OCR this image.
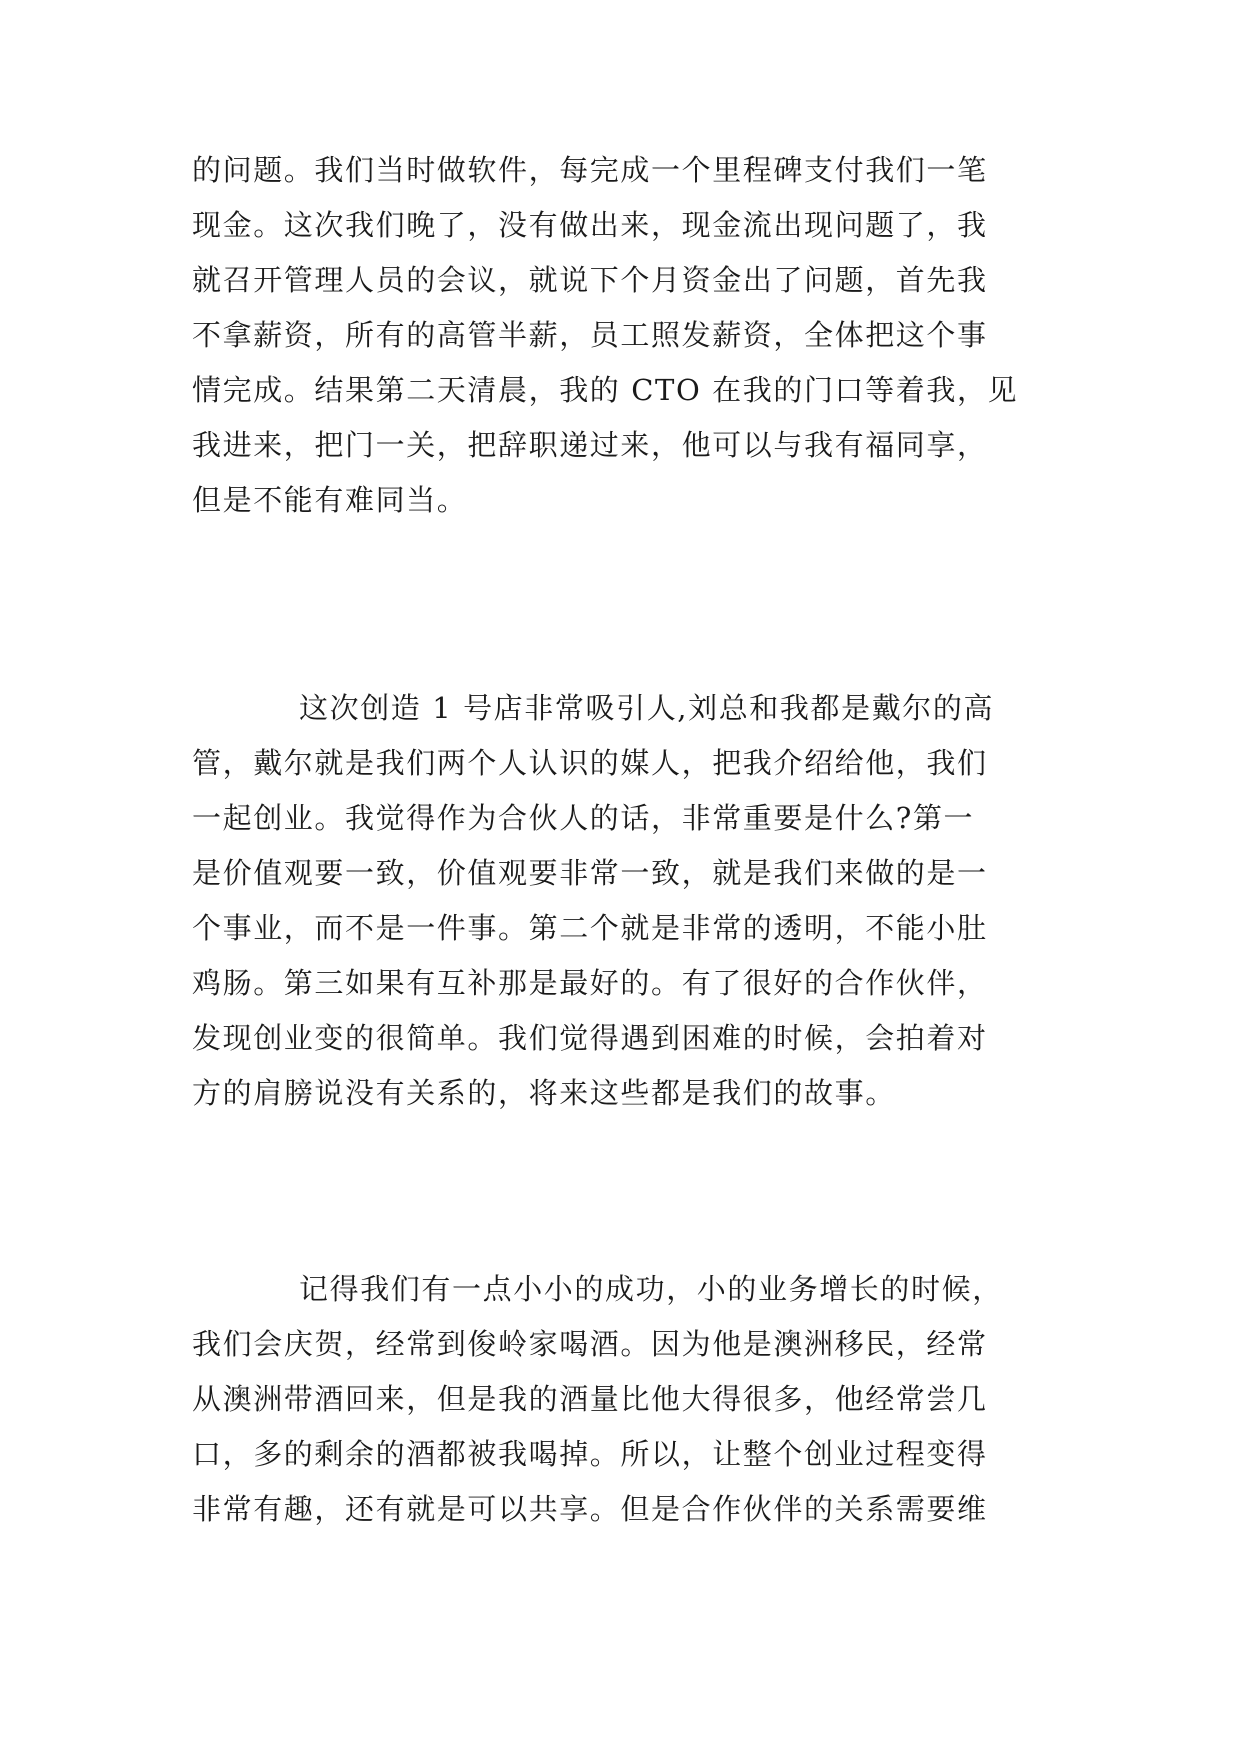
的问题。我们当时做软件，每完成一个里程碑支付我们一笔
现金。这次我们晚了，没有做出来，现金流出现问题了，我
就召开管理人员的会议，就说下个月资金出了问题，首先我
不拿薪资，所有的高管半薪，员工照发薪资，全体把这个事
情完成。结果第二天清晨，我的 CTO 在我的门口等着我，见
我进来，把门一关，把辞职递过来，他可以与我有福同享，
但是不能有难同当。
这次创造 1 号店非常吸引人,刘总和我都是戴尔的高
管，戴尔就是我们两个人认识的媒人，把我介绍给他，我们
一起创业。我觉得作为合伙人的话，非常重要是什么?第一
是价值观要一致，价值观要非常一致，就是我们来做的是一
个事业，而不是一件事。第二个就是非常的透明，不能小肚
鸡肠。第三如果有互补那是最好的。有了很好的合作伙伴，
发现创业变的很简单。我们觉得遇到困难的时候，会拍着对
方的肩膀说没有关系的，将来这些都是我们的故事。
记得我们有一点小小的成功，小的业务增长的时候，
我们会庆贺，经常到俊岭家喝酒。因为他是澳洲移民，经常
从澳洲带酒回来，但是我的酒量比他大得很多，他经常尝几
口，多的剩余的酒都被我喝掉。所以，让整个创业过程变得
非常有趣，还有就是可以共享。但是合作伙伴的关系需要维
